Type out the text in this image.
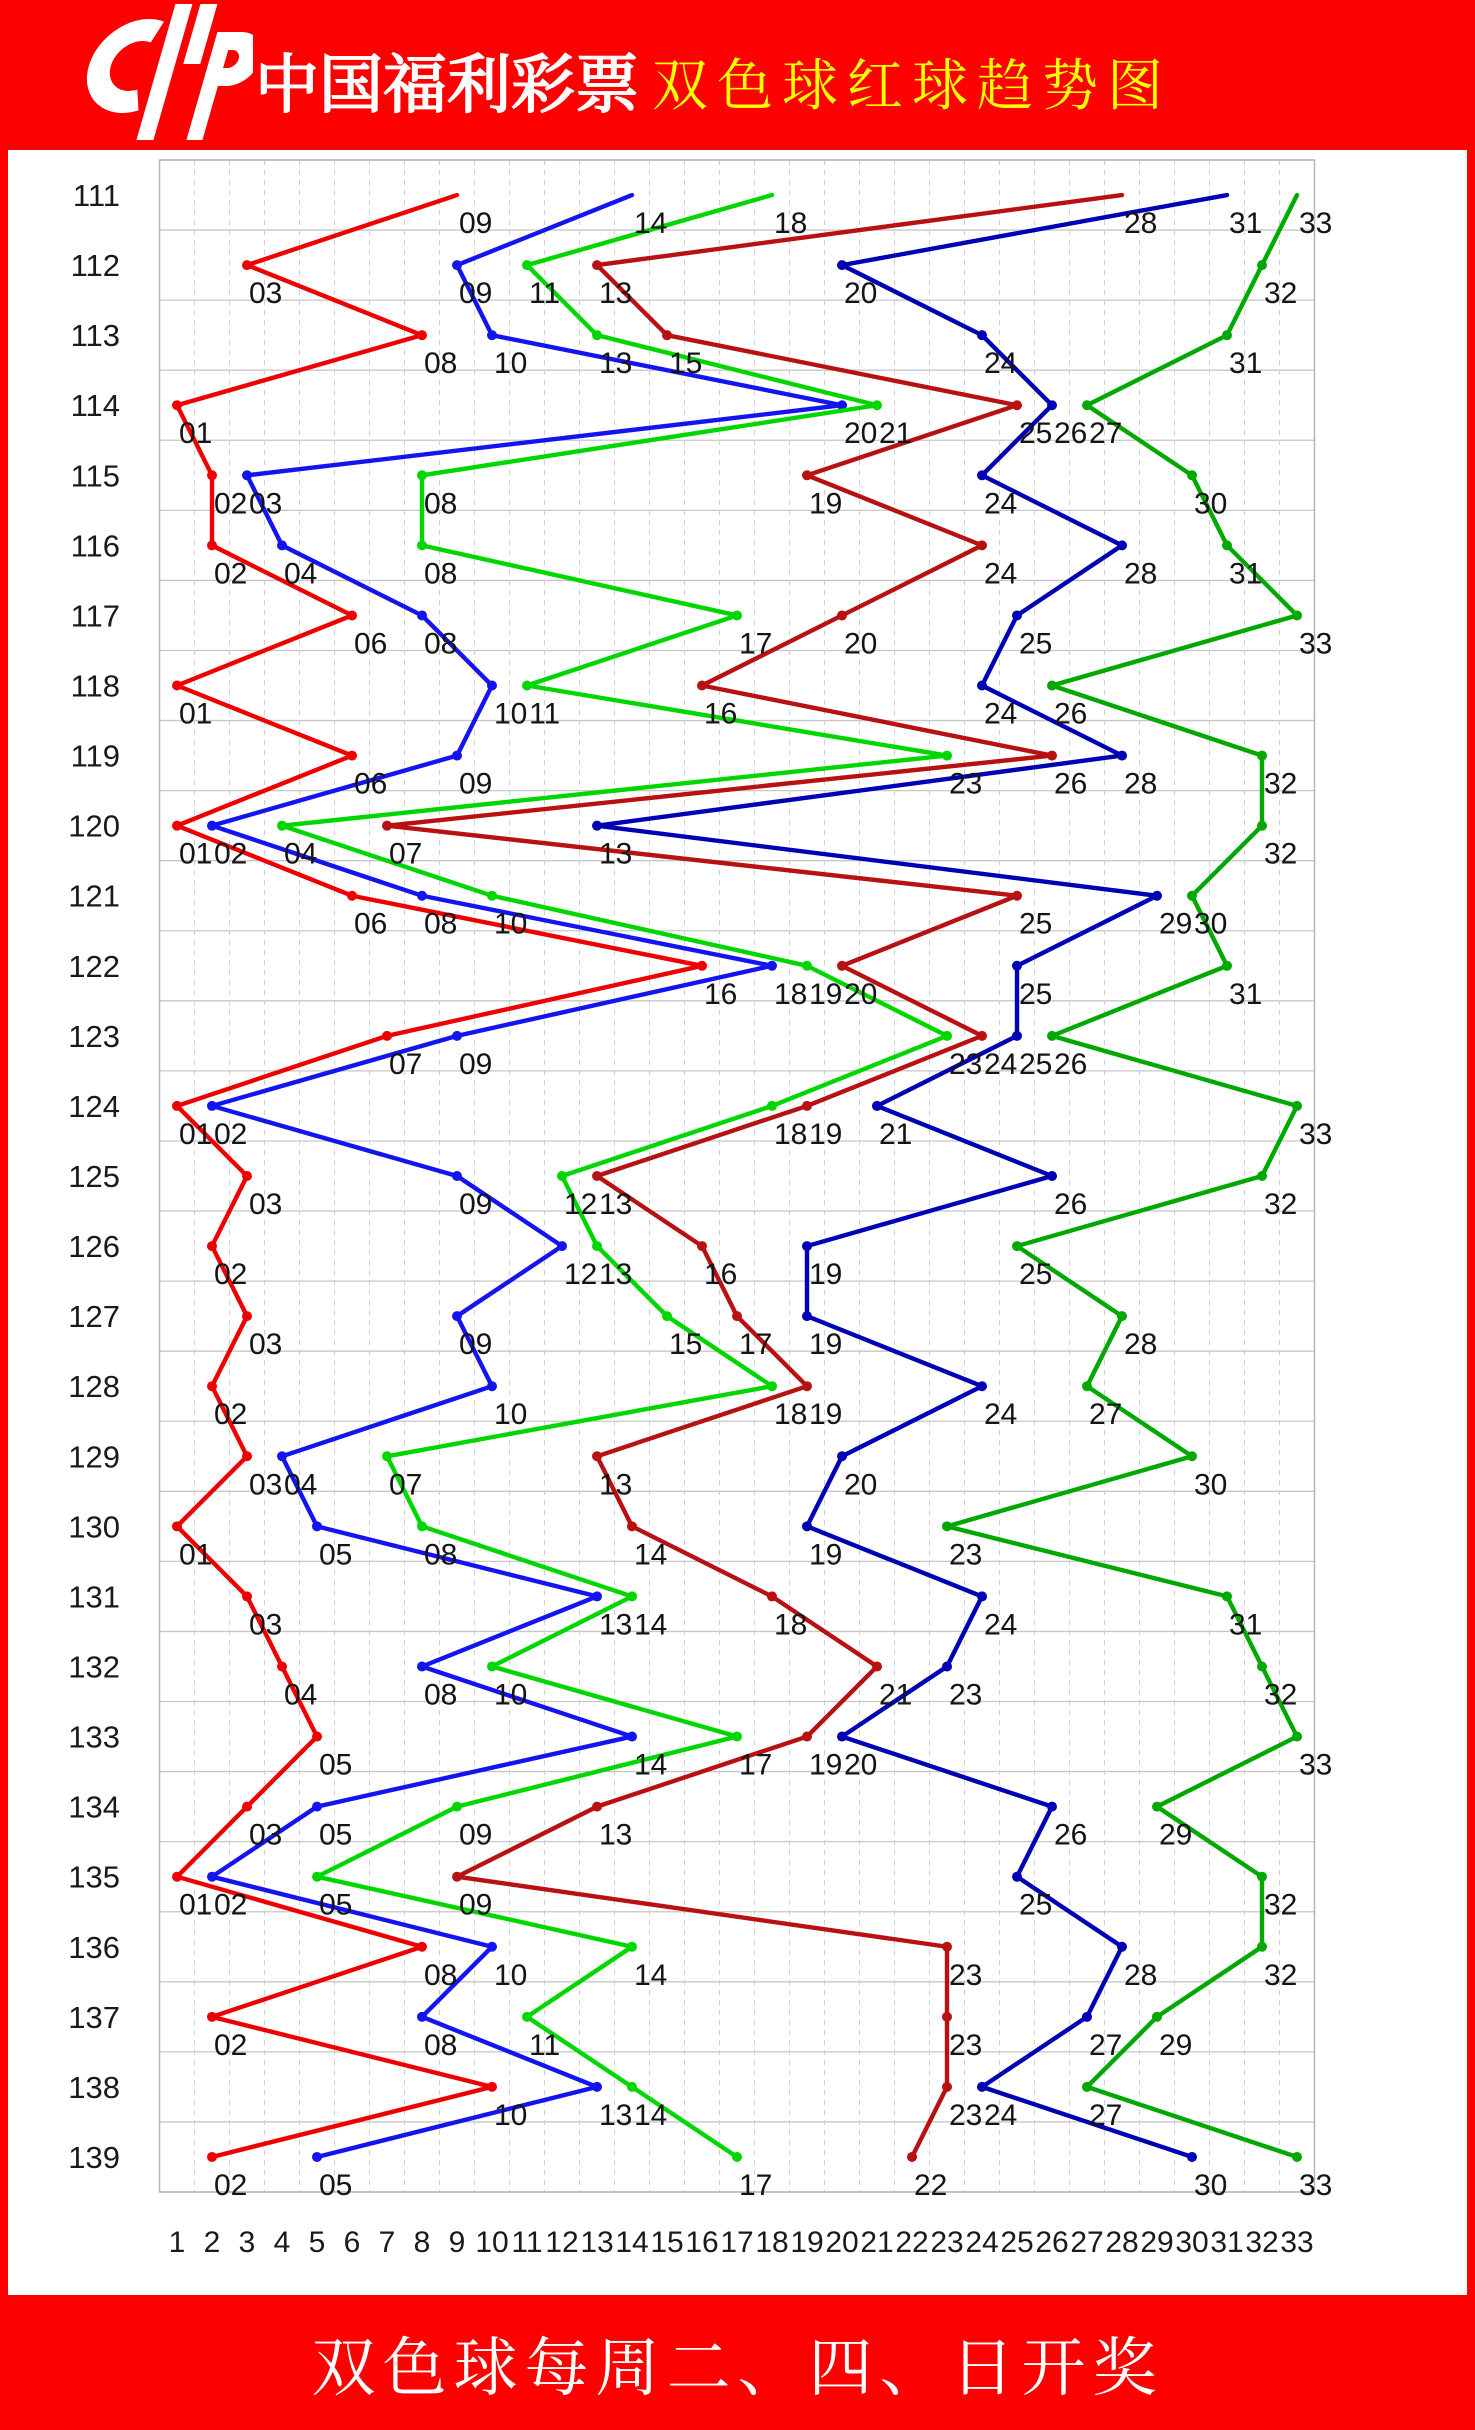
中国福利彩票 双色球红球趋势图
111
112
113
114
115
116
117
118
119
120
121
122
123
124
125
126
127
128
129
130
131
132
133
134
135
136
137
138
139
1 2 3 4 5 6 7 8 9 10 11 12 13 14 15 16 17 18 19 20 21 22 23 24 25 26 27 28 29 30 31 32 33
09
03
08
01
02
02
06
01
06
01
06
16
07
01
03
02
03
02
03
01
03
04
05
03
01
08
02
10
02
14
09
10
20
03
04
08
10
09
02
08
18
09
02
09
12
09
10
04
05
13
08
14
05
02
10
08
13
05
18
11
13
21
08
08
17
11
23
04
10
19
23
18
12
13
15
18
07
08
14
10
17
09
05
14
11
14
17
28
13
15
25
19
24
20
16
26
07
25
20
24
19
13
16
17
19
13
14
18
21
19
13
09
23
23
23
22
31
20
24
26
24
28
25
24
28
13
29
25
25
21
26
19
19
24
20
19
24
23
20
26
25
28
27
24
30
33
32
31
27
30
31
33
26
32
32
30
31
26
33
32
25
28
27
30
23
31
32
33
29
32
32
29
27
33
双色球每周二、四、日开奖
